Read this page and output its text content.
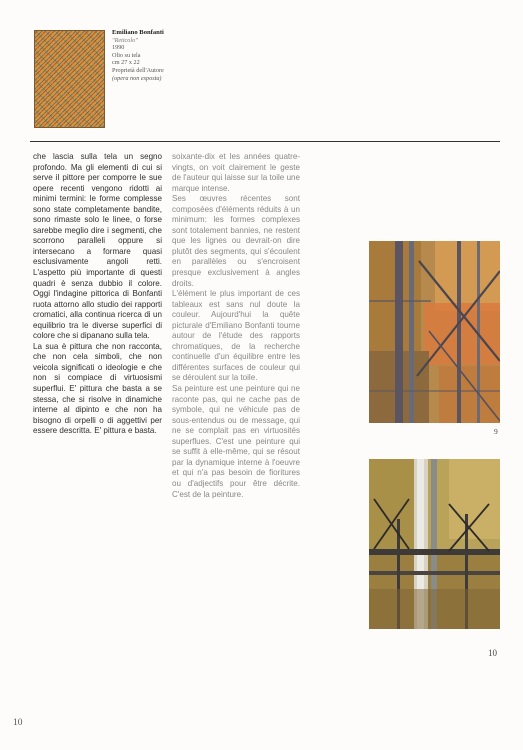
Emiliano Bonfanti
"Reticolo"
1990
Olio su tela
cm 27 x 22
Proprietà dell'Autore
(opera non esposta)

che lascia sulla tela un segno profondo. Ma gli elementi di cui si serve il pittore per comporre le sue opere recenti vengono ridotti ai minimi termini: le forme complesse sono state completamente bandite, sono rimaste solo le linee, o forse sarebbe meglio dire i segmenti, che scorrono paralleli oppure si intersecano a formare quasi esclusivamente angoli retti. L'aspetto più importante di questi quadri è senza dubbio il colore. Oggi l'indagine pittorica di Bonfanti ruota attorno allo studio dei rapporti cromatici, alla continua ricerca di un equilibrio tra le diverse superfici di colore che si dipanano sulla tela.

La sua è pittura che non racconta, che non cela simboli, che non veicola significati o ideologie e che non si compiace di virtuosismi superflui. E' pittura che basta a se stessa, che si risolve in dinamiche interne al dipinto e che non ha bisogno di orpelli o di aggettivi per essere descritta. E' pittura e basta.

soixante-dix et les années quatre-vingts, on voit clairement le geste de l'auteur qui laisse sur la toile une marque intense.

Ses œuvres récentes sont composées d'éléments réduits à un minimum: les formes complexes sont totalement bannies, ne restent que les lignes ou devrait-on dire plutôt des segments, qui s'écoulent en parallèles ou s'encroisent presque exclusivement à angles droits.

L'élément le plus important de ces tableaux est sans nul doute la couleur. Aujourd'hui la quête picturale d'Emiliano Bonfanti tourne autour de l'étude des rapports chromatiques, de la recherche continuelle d'un équilibre entre les différentes surfaces de couleur qui se déroulent sur la toile.

Sa peinture est une peinture qui ne raconte pas, qui ne cache pas de symbole, qui ne véhicule pas de sous-entendus ou de message, qui ne se complait pas en virtuosités superflues. C'est une peinture qui se suffit à elle-même, qui se résout par la dynamique interne à l'oeuvre et qui n'a pas besoin de fioritures ou d'adjectifs pour être décrite. C'est de la peinture.

9
10
10
